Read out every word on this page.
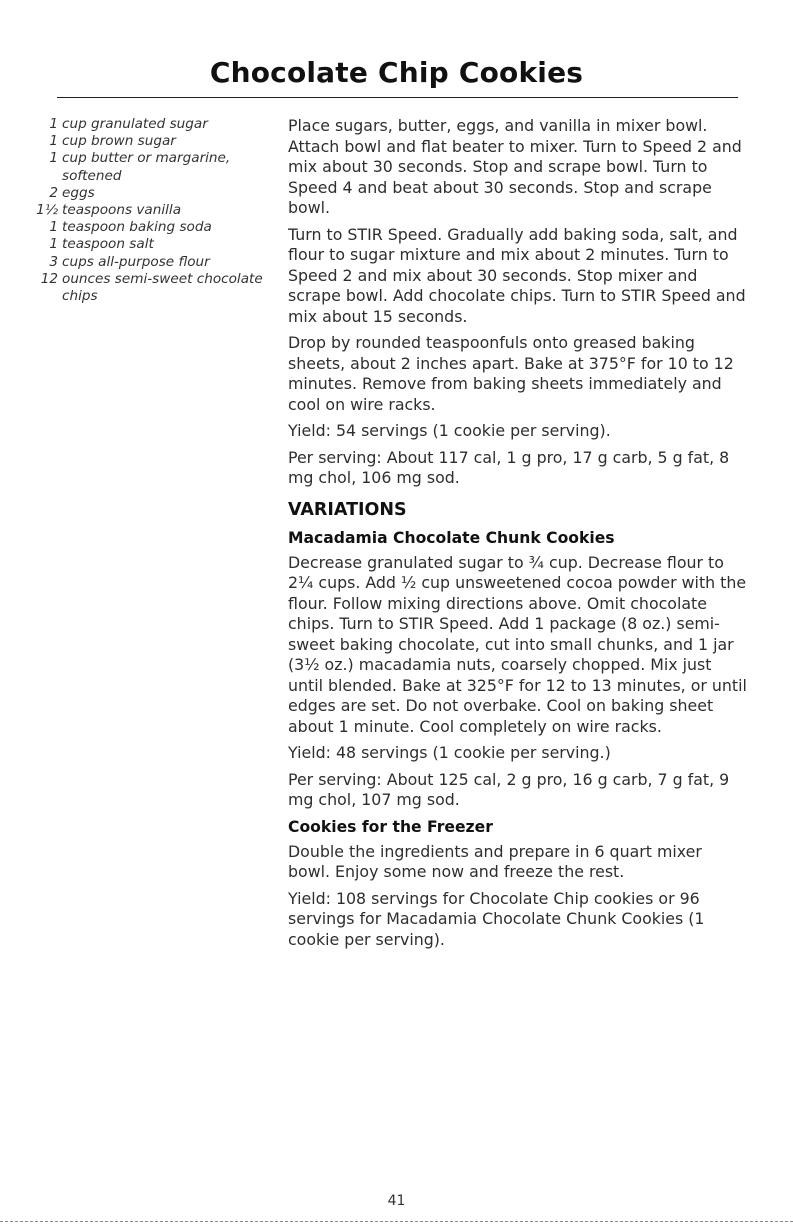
Chocolate Chip Cookies
1 cup granulated sugar
1 cup brown sugar
1 cup butter or margarine, softened
2 eggs
1½ teaspoons vanilla
1 teaspoon baking soda
1 teaspoon salt
3 cups all-purpose flour
12 ounces semi-sweet chocolate chips

Place sugars, butter, eggs, and vanilla in mixer bowl. Attach bowl and flat beater to mixer. Turn to Speed 2 and mix about 30 seconds. Stop and scrape bowl. Turn to Speed 4 and beat about 30 seconds. Stop and scrape bowl.

Turn to STIR Speed. Gradually add baking soda, salt, and flour to sugar mixture and mix about 2 minutes. Turn to Speed 2 and mix about 30 seconds. Stop mixer and scrape bowl. Add chocolate chips. Turn to STIR Speed and mix about 15 seconds.

Drop by rounded teaspoonfuls onto greased baking sheets, about 2 inches apart. Bake at 375°F for 10 to 12 minutes. Remove from baking sheets immediately and cool on wire racks.

Yield: 54 servings (1 cookie per serving).

Per serving: About 117 cal, 1 g pro, 17 g carb, 5 g fat, 8 mg chol, 106 mg sod.

VARIATIONS
Macadamia Chocolate Chunk Cookies

Decrease granulated sugar to ¾ cup. Decrease flour to 2¼ cups. Add ½ cup unsweetened cocoa powder with the flour. Follow mixing directions above. Omit chocolate chips. Turn to STIR Speed. Add 1 package (8 oz.) semi-sweet baking chocolate, cut into small chunks, and 1 jar (3½ oz.) macadamia nuts, coarsely chopped. Mix just until blended. Bake at 325°F for 12 to 13 minutes, or until edges are set. Do not overbake. Cool on baking sheet about 1 minute. Cool completely on wire racks.

Yield: 48 servings (1 cookie per serving.)

Per serving: About 125 cal, 2 g pro, 16 g carb, 7 g fat, 9 mg chol, 107 mg sod.

Cookies for the Freezer

Double the ingredients and prepare in 6 quart mixer bowl. Enjoy some now and freeze the rest.

Yield: 108 servings for Chocolate Chip cookies or 96 servings for Macadamia Chocolate Chunk Cookies (1 cookie per serving).

41
